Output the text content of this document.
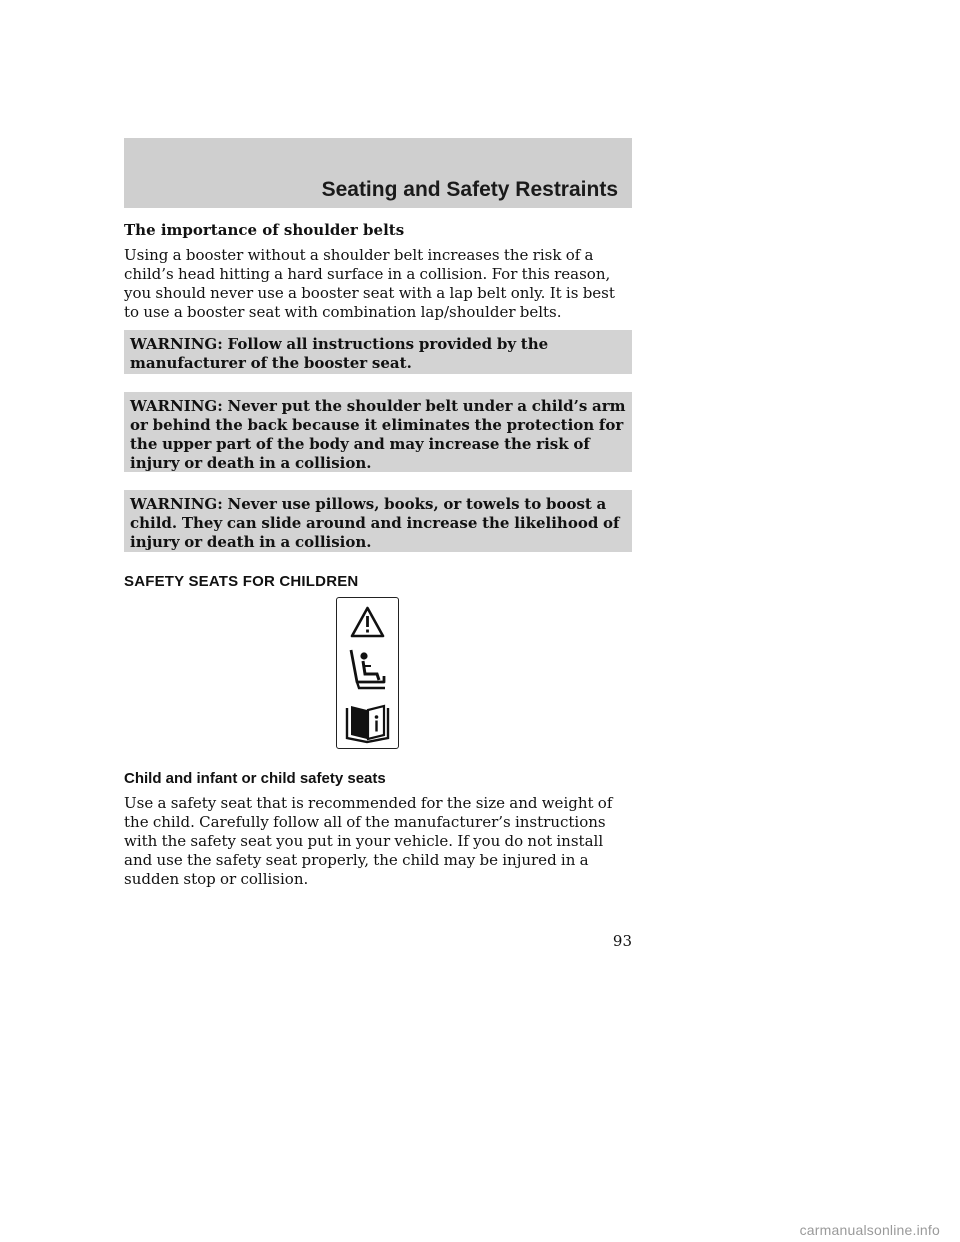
Seating and Safety Restraints

The importance of shoulder belts

Using a booster without a shoulder belt increases the risk of a child’s head hitting a hard surface in a collision. For this reason, you should never use a booster seat with a lap belt only. It is best to use a booster seat with combination lap/shoulder belts.

WARNING: Follow all instructions provided by the manufacturer of the booster seat.
WARNING: Never put the shoulder belt under a child’s arm or behind the back because it eliminates the protection for the upper part of the body and may increase the risk of injury or death in a collision.
WARNING: Never use pillows, books, or towels to boost a child. They can slide around and increase the likelihood of injury or death in a collision.

SAFETY SEATS FOR CHILDREN

Child and infant or child safety seats

Use a safety seat that is recommended for the size and weight of the child. Carefully follow all of the manufacturer’s instructions with the safety seat you put in your vehicle. If you do not install and use the safety seat properly, the child may be injured in a sudden stop or collision.

93
carmanualsonline.info
